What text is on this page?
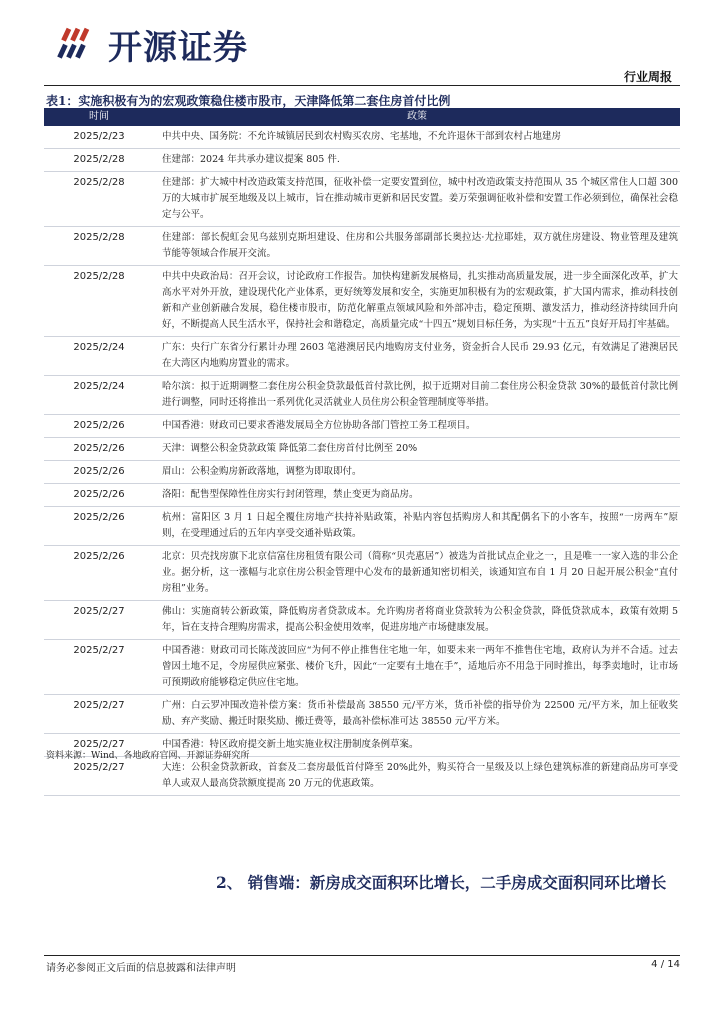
开源证券
行业周报
表1：实施积极有为的宏观政策稳住楼市股市，天津降低第二套住房首付比例
时间	政策
2025/2/23	中共中央、国务院：不允许城镇居民到农村购买农房、宅基地，不允许退休干部到农村占地建房
2025/2/28	住建部：2024 年共承办建议提案 805 件.
2025/2/28	住建部：扩大城中村改造政策支持范围，征收补偿一定要安置到位，城中村改造政策支持范围从 35 个城区常住人口超 300 万的大城市扩展至地级及以上城市，旨在推动城市更新和居民安置。姜万荣强调征收补偿和安置工作必须到位，确保社会稳定与公平。
2025/2/28	住建部：部长倪虹会见乌兹别克斯坦建设、住房和公共服务部副部长奥拉达·尤拉耶娃，双方就住房建设、物业管理及建筑节能等领域合作展开交流。
2025/2/28	中共中央政治局：召开会议，讨论政府工作报告。加快构建新发展格局，扎实推动高质量发展，进一步全面深化改革，扩大高水平对外开放，建设现代化产业体系，更好统筹发展和安全，实施更加积极有为的宏观政策，扩大国内需求，推动科技创新和产业创新融合发展，稳住楼市股市，防范化解重点领域风险和外部冲击，稳定预期、激发活力，推动经济持续回升向好，不断提高人民生活水平，保持社会和谐稳定，高质量完成“十四五”规划目标任务，为实现“十五五”良好开局打牢基础。
2025/2/24	广东：央行广东省分行累计办理 2603 笔港澳居民内地购房支付业务，资金折合人民币 29.93 亿元，有效满足了港澳居民在大湾区内地购房置业的需求。
2025/2/24	哈尔滨：拟于近期调整二套住房公积金贷款最低首付款比例，拟于近期对目前二套住房公积金贷款 30%的最低首付款比例进行调整，同时还将推出一系列优化灵活就业人员住房公积金管理制度等举措。
2025/2/26	中国香港：财政司已要求香港发展局全方位协助各部门管控工务工程项目。
2025/2/26	天津：调整公积金贷款政策 降低第二套住房首付比例至 20%
2025/2/26	眉山：公积金购房新政落地，调整为即取即付。
2025/2/26	洛阳：配售型保障性住房实行封闭管理，禁止变更为商品房。
2025/2/26	杭州：富阳区 3 月 1 日起全覆住房地产扶持补贴政策，补贴内容包括购房人和其配偶名下的小客车，按照“一房两车”原则，在受理通过后的五年内享受交通补贴政策。
2025/2/26	北京：贝壳找房旗下北京信富住房租赁有限公司（简称“贝壳惠居”）被选为首批试点企业之一，且是唯一一家入选的非公企业。据分析，这一涨幅与北京住房公积金管理中心发布的最新通知密切相关，该通知宣布自 1 月 20 日起开展公积金“直付房租”业务。
2025/2/27	佛山：实施商转公新政策，降低购房者贷款成本。允许购房者将商业贷款转为公积金贷款，降低贷款成本，政策有效期 5 年，旨在支持合理购房需求，提高公积金使用效率，促进房地产市场健康发展。
2025/2/27	中国香港：财政司司长陈茂波回应“为何不停止推售住宅地一年，如要未来一两年不推售住宅地，政府认为并不合适。过去曾因土地不足，令房屋供应紧张、楼价飞升，因此“一定要有土地在手”，适地后亦不用急于同时推出，每季卖地时，让市场可预期政府能够稳定供应住宅地。
2025/2/27	广州：白云罗冲围改造补偿方案：货币补偿最高 38550 元/平方米，货币补偿的指导价为 22500 元/平方米，加上征收奖励、弃产奖励、搬迁时限奖励、搬迁费等，最高补偿标准可达 38550 元/平方米。
2025/2/27	中国香港：特区政府提交新土地实施业权注册制度条例草案。
2025/2/27	大连：公积金贷款新政，首套及二套房最低首付降至 20%此外，购买符合一星级及以上绿色建筑标准的新建商品房可享受单人或双人最高贷款额度提高 20 万元的优惠政策。
资料来源：Wind、各地政府官网、开源证券研究所
2、 销售端：新房成交面积环比增长，二手房成交面积同环比增长
请务必参阅正文后面的信息披露和法律声明	4 / 14
